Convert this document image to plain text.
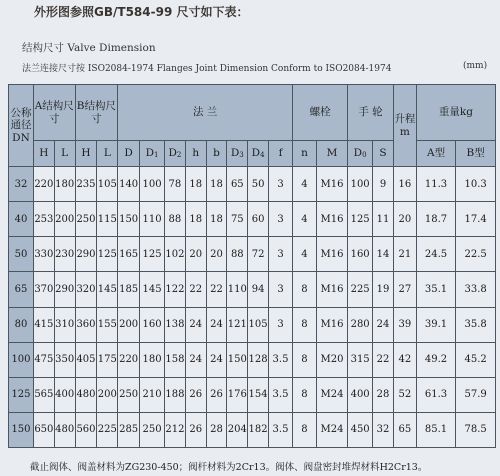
外形图参照GB/T584-99 尺寸如下表：
结构尺寸 Valve Dimension
法兰连接尺寸按 ISO2084-1974 Flanges Joint Dimension Conform to ISO2084-1974	(mm)
公称通径
DN	A结构尺寸		B结构尺寸		法 兰								螺栓		手 轮		升程
m	重量kg	
	H	L	H	L	D	$D_1$	$D_2$	h	b	$D_3$	$D_4$	f	n	M	$D_0$	S		A型	B型
32	220	180	235	105	140	100	78	18	18	65	50	3	4	M16	100	9	16	11.3	10.3
40	253	200	250	115	150	110	88	18	18	75	60	3	4	M16	125	11	20	18.7	17.4
50	330	230	290	125	165	125	102	20	20	88	72	3	4	M16	160	14	21	24.5	22.5
65	370	290	320	145	185	145	122	22	22	110	94	3	8	M16	225	19	27	35.1	33.8
80	415	310	360	155	200	160	138	24	24	121	105	3	8	M16	280	24	39	39.1	35.8
100	475	350	405	175	220	180	158	24	24	150	128	3.5	8	M20	315	22	42	49.2	45.2
125	565	400	480	200	250	210	188	26	26	176	154	3.5	8	M24	400	28	52	61.3	57.9
150	650	480	560	225	285	250	212	26	28	204	182	3.5	8	M24	450	32	65	85.1	78.5
截止阀体、阀盖材料为ZG230-450；阀杆材料为2Cr13。阀体、阀盘密封堆焊材料H2Cr13。
